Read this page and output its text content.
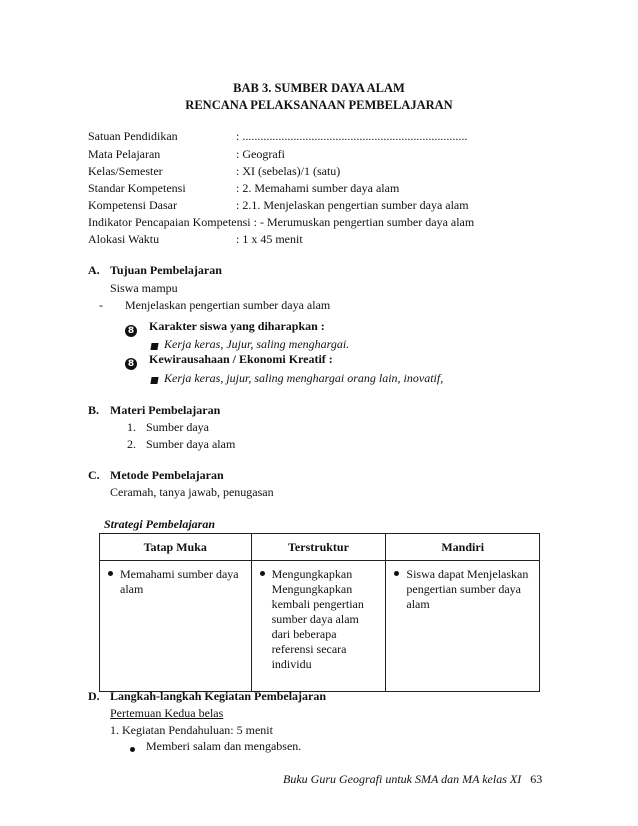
BAB 3. SUMBER DAYA ALAM
RENCANA PELAKSANAAN PEMBELAJARAN
Satuan Pendidikan	: ...........................................................................
Mata Pelajaran	: Geografi
Kelas/Semester	: XI (sebelas)/1 (satu)
Standar Kompetensi	: 2. Memahami sumber daya alam
Kompetensi Dasar	: 2.1. Menjelaskan pengertian sumber daya alam
Indikator Pencapaian Kompetensi : - Merumuskan pengertian sumber daya alam
Alokasi Waktu	: 1 x 45 menit
A. Tujuan Pembelajaran
Siswa mampu
- Menjelaskan pengertian sumber daya alam
8 Karakter siswa yang diharapkan :
Kerja keras, Jujur, saling menghargai.
8 Kewirausahaan / Ekonomi Kreatif :
Kerja keras, jujur, saling menghargai orang lain, inovatif,
B. Materi Pembelajaran
1. Sumber daya
2. Sumber daya alam
C. Metode Pembelajaran
Ceramah, tanya jawab, penugasan
Strategi Pembelajaran
Tatap Muka	Terstruktur	Mandiri

Memahami sumber daya alam	Mengungkapkan Mengungkapkan kembali pengertian sumber daya alam dari beberapa referensi secara individu	Siswa dapat Menjelaskan pengertian sumber daya alam
D. Langkah-langkah Kegiatan Pembelajaran
Pertemuan Kedua belas
1. Kegiatan Pendahuluan: 5 menit
Memberi salam dan mengabsen.
Buku Guru Geografi untuk SMA dan MA kelas XI 63
